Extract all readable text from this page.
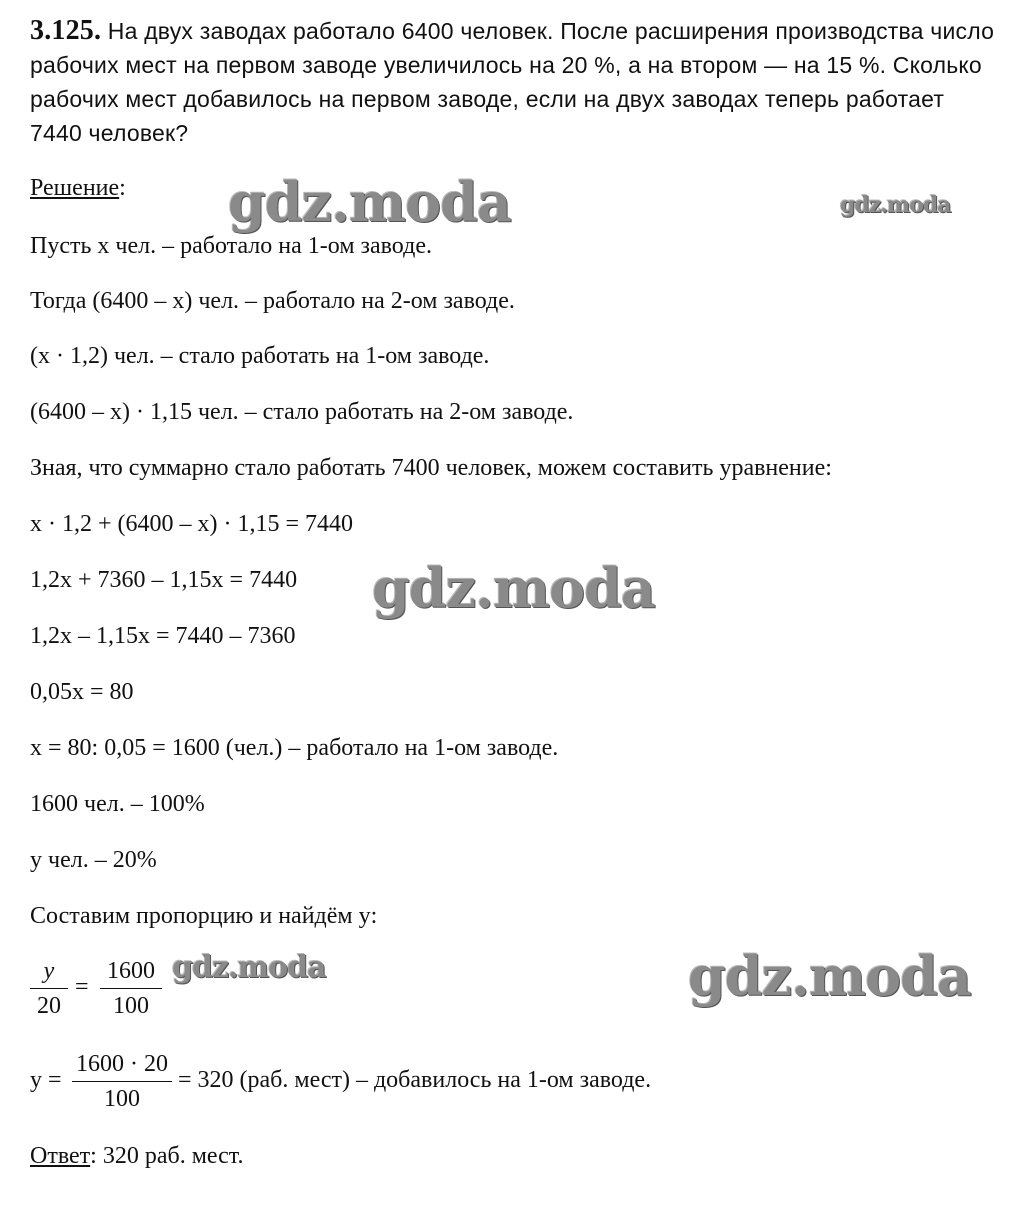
3.125. На двух заводах работало 6400 человек. После расширения производства число рабочих мест на первом заводе увеличилось на 20 %, а на втором — на 15 %. Сколько рабочих мест добавилось на первом заводе, если на двух заводах теперь работает 7440 человек?
Решение:
Пусть x чел. – работало на 1-ом заводе.
Тогда (6400 – x) чел. – работало на 2-ом заводе.
(x · 1,2) чел. – стало работать на 1-ом заводе.
(6400 – x) · 1,15 чел. – стало работать на 2-ом заводе.
Зная, что суммарно стало работать 7400 человек, можем составить уравнение:
x · 1,2 + (6400 – x) · 1,15 = 7440
1,2x + 7360 – 1,15x = 7440
1,2x – 1,15x = 7440 – 7360
0,05x = 80
x = 80: 0,05 = 1600 (чел.) – работало на 1-ом заводе.
1600 чел. – 100%
y чел. – 20%
Составим пропорцию и найдём y:
y
20
=
1600
100
y =
1600 · 20
100
= 320 (раб. мест) – добавилось на 1-ом заводе.
Ответ: 320 раб. мест.
gdz.moda	gdz.moda
gdz.moda
gdz.moda	gdz.moda
